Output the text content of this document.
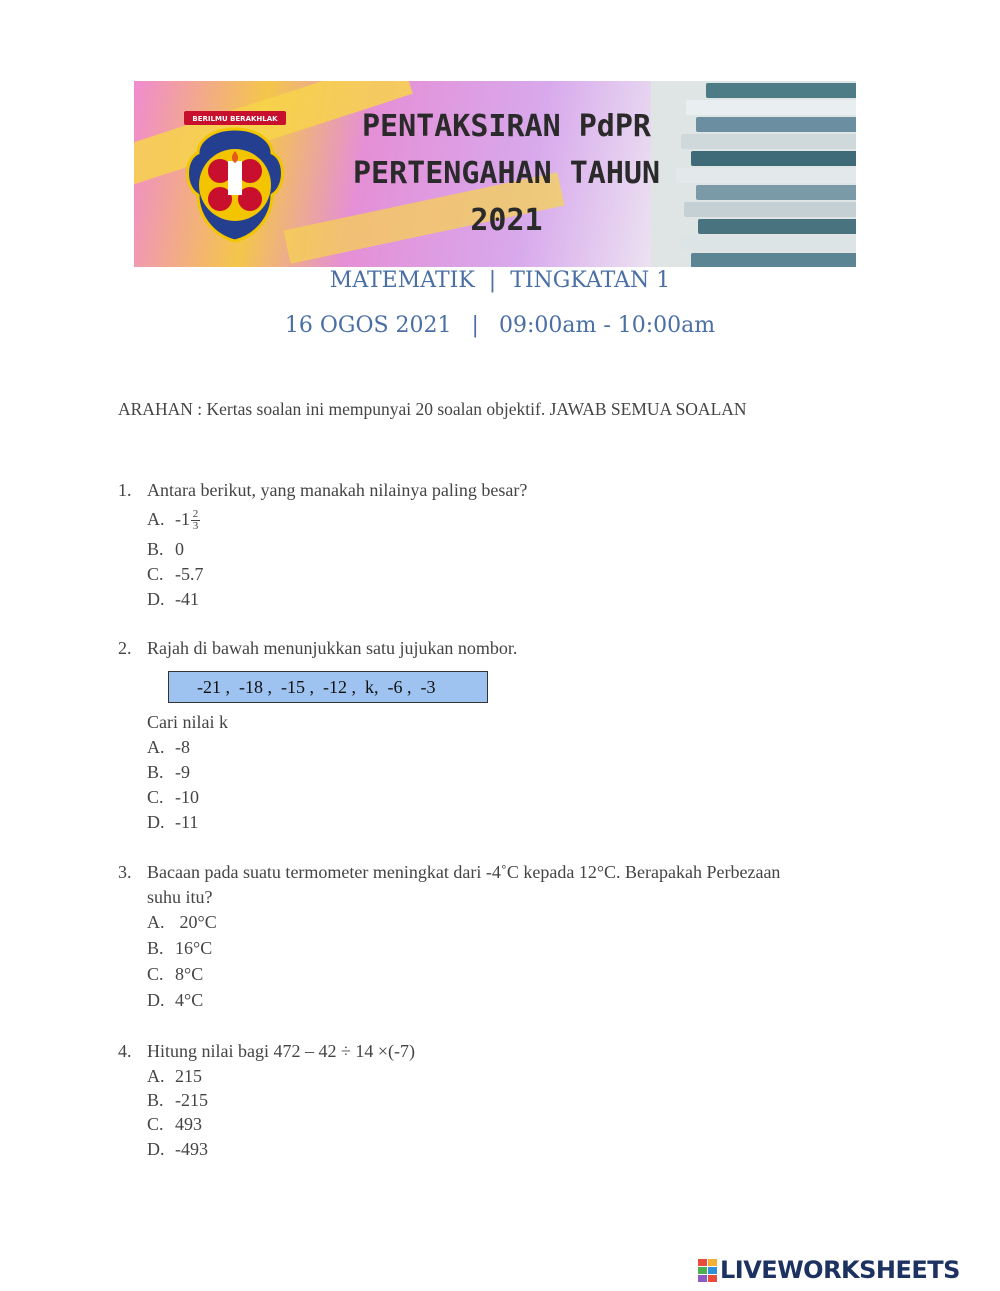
BERILMU BERAKHLAK	PENTAKSIRAN PdPR
PERTENGAHAN TAHUN
2021
MATEMATIK | TINGKATAN 1
16 OGOS 2021 | 09:00am - 10:00am
ARAHAN : Kertas soalan ini mempunyai 20 soalan objektif. JAWAB SEMUA SOALAN
1. Antara berikut, yang manakah nilainya paling besar?
A. $-1 \frac{2}{3}$
B. 0
C. -5.7
D. -41
2. Rajah di bawah menunjukkan satu jujukan nombor.
-21 ,  -18 ,  -15 ,  -12 ,  k,  -6 ,  -3
Cari nilai k
A. -8
B. -9
C. -10
D. -11
3. Bacaan pada suatu termometer meningkat dari -4˚C kepada 12°C. Berapakah Perbezaan
suhu itu?
A. 20°C
B. 16°C
C. 8°C
D. 4°C
4. Hitung nilai bagi 472 – 42 ÷ 14 ×(-7)
A. 215
B. -215
C. 493
D. -493
LIVEWORKSHEETS
